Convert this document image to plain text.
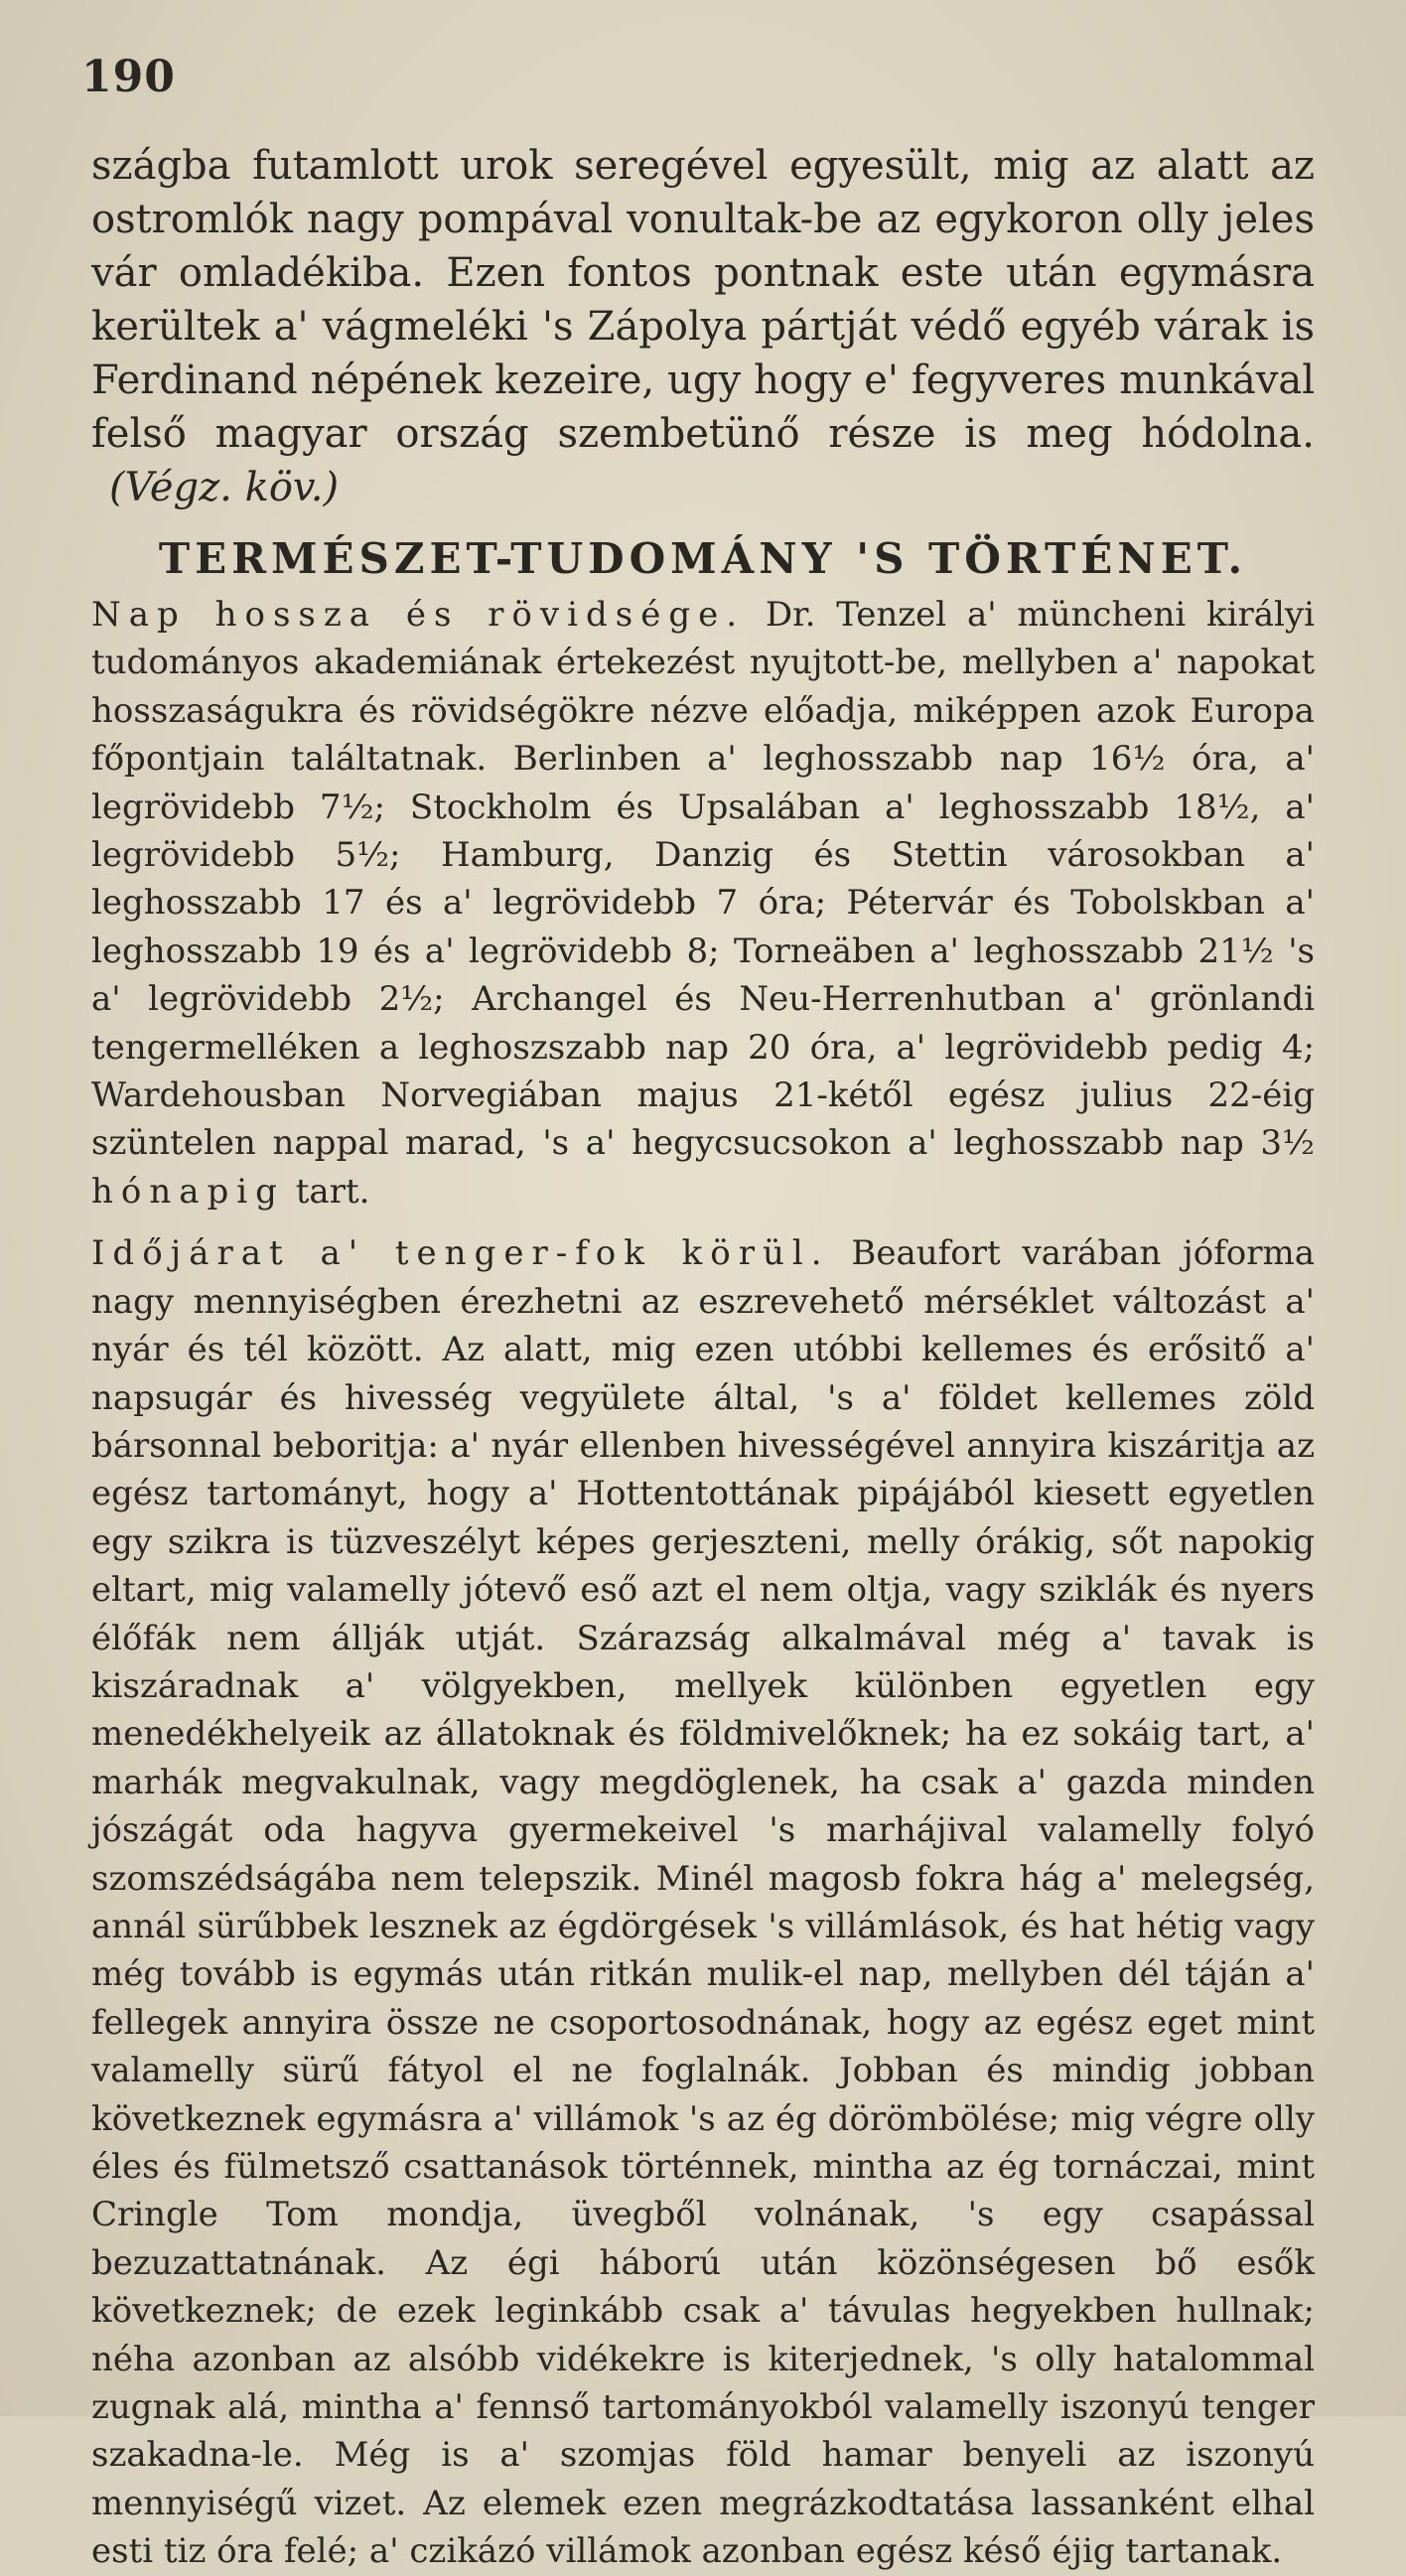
190

szágba futamlott urok seregével egyesült, mig az alatt az ostromlók nagy pompával vonultak-be az egykoron olly jeles vár omladékiba. Ezen fontos pontnak este után egymásra kerültek a' vágmeléki 's Zápolya pártját védő egyéb várak is Ferdinand népének kezeire, ugy hogy e' fegyveres munkával felső magyar ország szembetünő része is meg hódolna.(Végz. köv.)

TERMÉSZET-TUDOMÁNY 'S TÖRTÉNET.

Nap hossza és rövidsége. Dr. Tenzel a' müncheni királyi tudományos akademiának értekezést nyujtott-be, mellyben a' napokat hosszaságukra és rövidségökre nézve előadja, miképpen azok Europa főpontjain találtatnak. Berlinben a' leghosszabb nap 16½ óra, a' legrövidebb 7½; Stockholm és Upsalában a' leghosszabb 18½, a' legrövidebb 5½; Hamburg, Danzig és Stettin városokban a' leghosszabb 17 és a' legrövidebb 7 óra; Pétervár és Tobolskban a' leghosszabb 19 és a' legrövidebb 8; Torneäben a' leghosszabb 21½ 's a' legrövidebb 2½; Archangel és Neu-Herrenhutban a' grönlandi tengermelléken a leghoszszabb nap 20 óra, a' legrövidebb pedig 4; Wardehousban Norvegiában majus 21-kétől egész julius 22-éig szüntelen nappal marad, 's a' hegycsucsokon a' leghosszabb nap 3½ hónapig tart.

Időjárat a' tenger-fok körül. Beaufort varában jóforma nagy mennyiségben érezhetni az eszrevehető mérséklet változást a' nyár és tél között. Az alatt, mig ezen utóbbi kellemes és erősitő a' napsugár és hivesség vegyülete által, 's a' földet kellemes zöld bársonnal beboritja: a' nyár ellenben hivességével annyira kiszáritja az egész tartományt, hogy a' Hottentottának pipájából kiesett egyetlen egy szikra is tüzveszélyt képes gerjeszteni, melly órákig, sőt napokig eltart, mig valamelly jótevő eső azt el nem oltja, vagy sziklák és nyers élőfák nem állják utját. Szárazság alkalmával még a' tavak is kiszáradnak a' völgyekben, mellyek különben egyetlen egy menedékhelyeik az állatoknak és földmivelőknek; ha ez sokáig tart, a' marhák megvakulnak, vagy megdöglenek, ha csak a' gazda minden jószágát oda hagyva gyermekeivel 's marhájival valamelly folyó szomszédságába nem telepszik. Minél magosb fokra hág a' melegség, annál sürűbbek lesznek az égdörgések 's villámlások, és hat hétig vagy még tovább is egymás után ritkán mulik-el nap, mellyben dél táján a' fellegek annyira össze ne csoportosodnának, hogy az egész eget mint valamelly sürű fátyol el ne foglalnák. Jobban és mindig jobban következnek egymásra a' villámok 's az ég dörömbölése; mig végre olly éles és fülmetsző csattanások történnek, mintha az ég tornáczai, mint Cringle Tom mondja, üvegből volnának, 's egy csapással bezuzattatnának. Az égi háború után közönségesen bő esők következnek; de ezek leginkább csak a' távulas hegyekben hullnak; néha azonban az alsóbb vidékekre is kiterjednek, 's olly hatalommal zugnak alá, mintha a' fennső tartományokból valamelly iszonyú tenger szakadna-le. Még is a' szomjas föld hamar benyeli az iszonyú mennyiségű vizet. Az elemek ezen megrázkodtatása lassanként elhal esti tiz óra felé; a' czikázó villámok azonban egész késő éjig tartanak.
